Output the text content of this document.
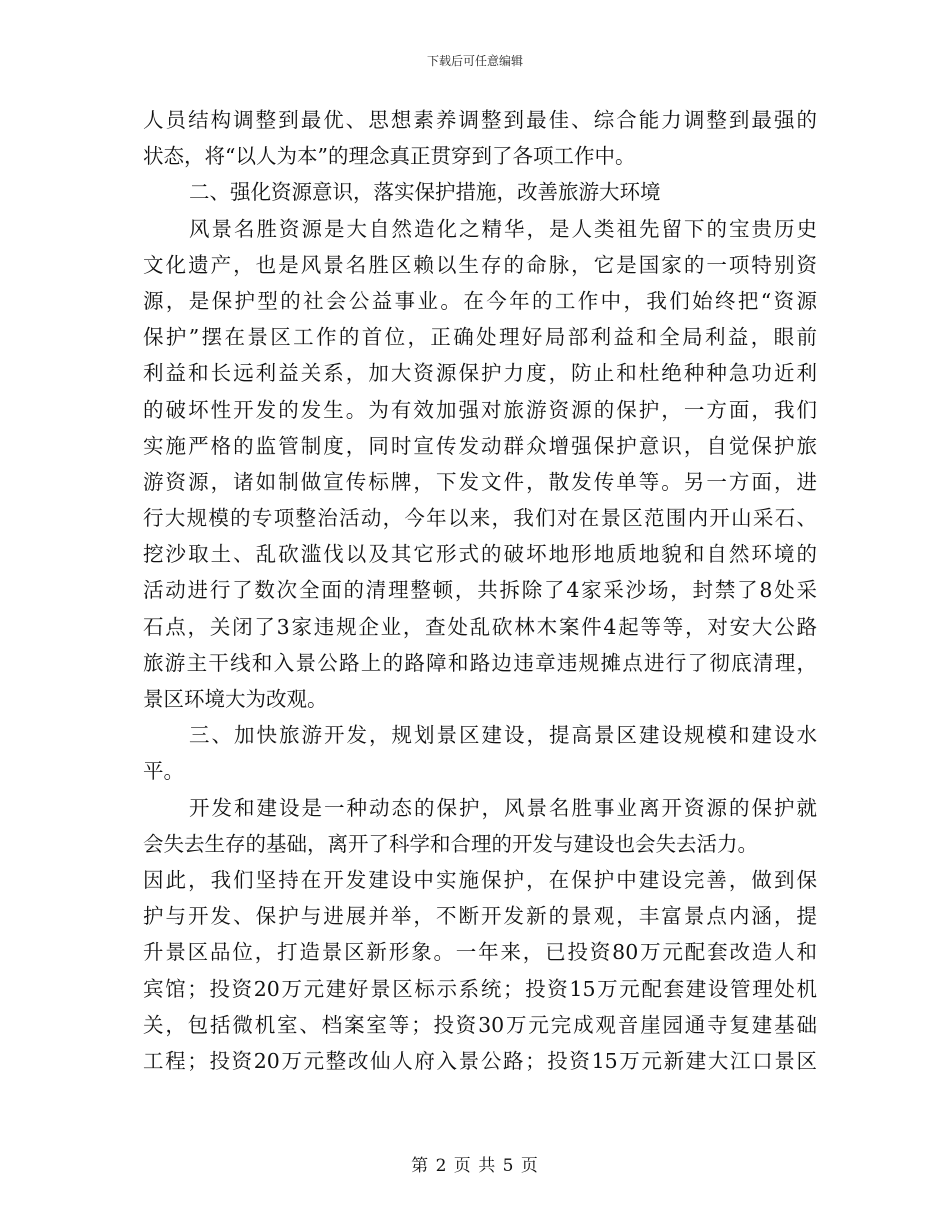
下载后可任意编辑
人员结构调整到最优、思想素养调整到最佳、综合能力调整到最强的
状态，将“以人为本”的理念真正贯穿到了各项工作中。
二、强化资源意识，落实保护措施，改善旅游大环境
风景名胜资源是大自然造化之精华，是人类祖先留下的宝贵历史
文化遗产，也是风景名胜区赖以生存的命脉，它是国家的一项特别资
源，是保护型的社会公益事业。在今年的工作中，我们始终把“资源
保护”摆在景区工作的首位，正确处理好局部利益和全局利益，眼前
利益和长远利益关系，加大资源保护力度，防止和杜绝种种急功近利
的破坏性开发的发生。为有效加强对旅游资源的保护，一方面，我们
实施严格的监管制度，同时宣传发动群众增强保护意识，自觉保护旅
游资源，诸如制做宣传标牌，下发文件，散发传单等。另一方面，进
行大规模的专项整治活动，今年以来，我们对在景区范围内开山采石、
挖沙取土、乱砍滥伐以及其它形式的破坏地形地质地貌和自然环境的
活动进行了数次全面的清理整顿，共拆除了4家采沙场，封禁了8处采
石点，关闭了3家违规企业，查处乱砍林木案件4起等等，对安大公路
旅游主干线和入景公路上的路障和路边违章违规摊点进行了彻底清理，
景区环境大为改观。
三、加快旅游开发，规划景区建设，提高景区建设规模和建设水
平。
开发和建设是一种动态的保护，风景名胜事业离开资源的保护就
会失去生存的基础，离开了科学和合理的开发与建设也会失去活力。
因此，我们坚持在开发建设中实施保护，在保护中建设完善，做到保
护与开发、保护与进展并举，不断开发新的景观，丰富景点内涵，提
升景区品位，打造景区新形象。一年来，已投资80万元配套改造人和
宾馆；投资20万元建好景区标示系统；投资15万元配套建设管理处机
关，包括微机室、档案室等；投资30万元完成观音崖园通寺复建基础
工程；投资20万元整改仙人府入景公路；投资15万元新建大江口景区
第 2 页 共 5 页
